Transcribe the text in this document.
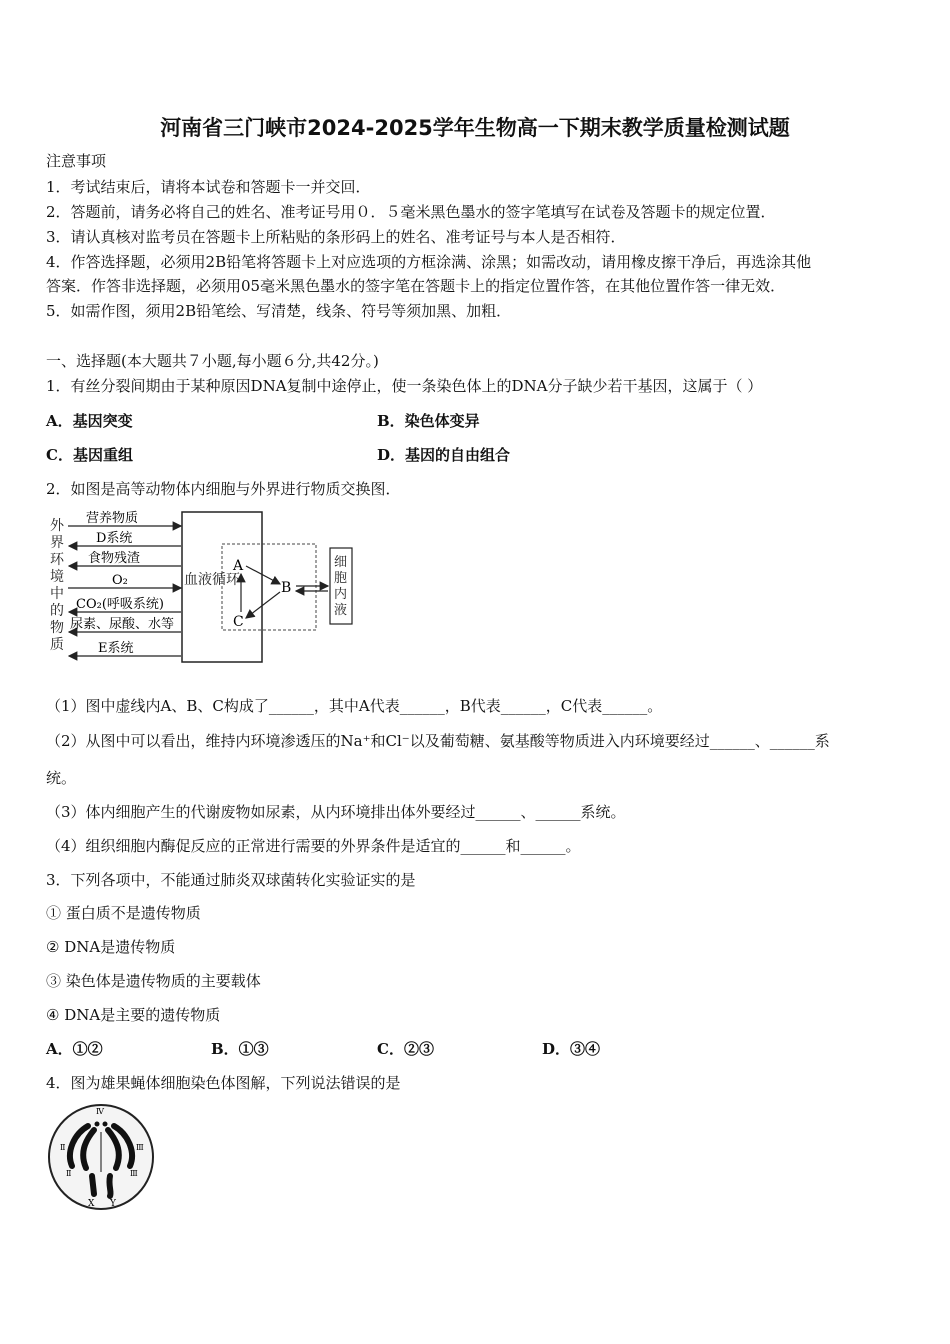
河南省三门峡市2024-2025学年生物高一下期末教学质量检测试题
注意事项
1．考试结束后，请将本试卷和答题卡一并交回．
2．答题前，请务必将自己的姓名、准考证号用０．５毫米黑色墨水的签字笔填写在试卷及答题卡的规定位置．
3．请认真核对监考员在答题卡上所粘贴的条形码上的姓名、准考证号与本人是否相符．
4．作答选择题，必须用2B铅笔将答题卡上对应选项的方框涂满、涂黑；如需改动，请用橡皮擦干净后，再选涂其他
答案．作答非选择题，必须用05毫米黑色墨水的签字笔在答题卡上的指定位置作答，在其他位置作答一律无效．
5．如需作图，须用2B铅笔绘、写清楚，线条、符号等须加黑、加粗．
一、选择题(本大题共７小题,每小题６分,共42分。)
1．有丝分裂间期由于某种原因DNA复制中途停止，使一条染色体上的DNA分子缺少若干基因，这属于（ ）
A．基因突变	B．染色体变异
C．基因重组	D．基因的自由组合
2．如图是高等动物体内细胞与外界进行物质交换图．
外界环 境中的 物质
血液循环
营养物质
D系统
食物残渣
O₂
CO₂(呼吸系统)
尿素、尿酸、水等
E系统
A
B
C
细胞内液
（1）图中虚线内A、B、C构成了______，其中A代表______，B代表______，C代表______。
（2）从图中可以看出，维持内环境渗透压的Na⁺和Cl⁻以及葡萄糖、氨基酸等物质进入内环境要经过______、______系
统。
（3）体内细胞产生的代谢废物如尿素，从内环境排出体外要经过______、______系统。
（4）组织细胞内酶促反应的正常进行需要的外界条件是适宜的______和______。
3．下列各项中，不能通过肺炎双球菌转化实验证实的是
① 蛋白质不是遗传物质
② DNA是遗传物质
③ 染色体是遗传物质的主要载体
④ DNA是主要的遗传物质
A．①②	B．①③	C．②③	D．③④
4．图为雄果蝇体细胞染色体图解，下列说法错误的是
Ⅳ
Ⅱ	Ⅲ
Ⅱ	Ⅲ
X Y
